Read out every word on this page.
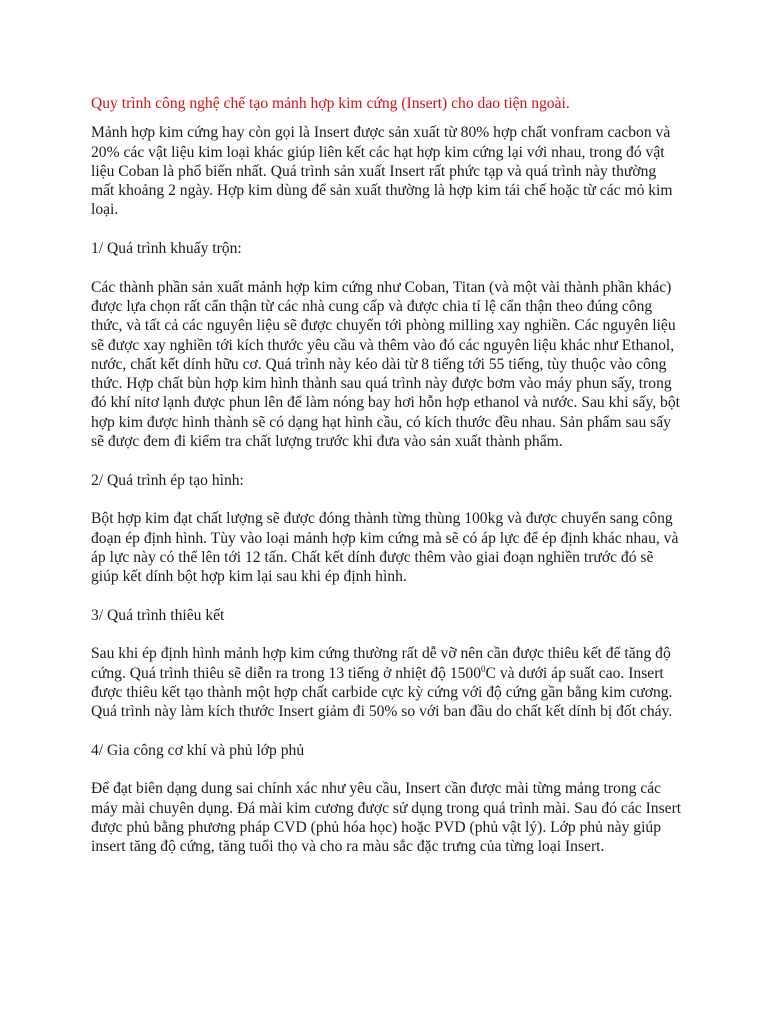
Quy trình công nghệ chế tạo mảnh hợp kim cứng (Insert) cho dao tiện ngoài.

Mảnh hợp kim cứng hay còn gọi là Insert được sản xuất từ 80% hợp chất vonfram cacbon và 20% các vật liệu kim loại khác giúp liên kết các hạt hợp kim cứng lại với nhau, trong đó vật liệu Coban là phổ biến nhất. Quá trình sản xuất Insert rất phức tạp và quá trình này thường mất khoảng 2 ngày. Hợp kim dùng để sản xuất thường là hợp kim tái chế hoặc từ các mỏ kim loại.

1/ Quá trình khuấy trộn:

Các thành phần sản xuất mảnh hợp kim cứng như Coban, Titan (và một vài thành phần khác) được lựa chọn rất cẩn thận từ các nhà cung cấp và được chia tỉ lệ cẩn thận theo đúng công thức, và tất cả các nguyên liệu sẽ được chuyển tới phòng milling xay nghiền. Các nguyên liệu sẽ được xay nghiền tới kích thước yêu cầu và thêm vào đó các nguyên liệu khác như Ethanol, nước, chất kết dính hữu cơ. Quá trình này kéo dài từ 8 tiếng tới 55 tiếng, tùy thuộc vào công thức. Hợp chất bùn hợp kim hình thành sau quá trình này được bơm vào máy phun sấy, trong đó khí nitơ lạnh được phun lên để làm nóng bay hơi hỗn hợp ethanol và nước. Sau khi sấy, bột hợp kim được hình thành sẽ có dạng hạt hình cầu, có kích thước đều nhau. Sản phẩm sau sấy sẽ được đem đi kiểm tra chất lượng trước khi đưa vào sản xuất thành phẩm.

2/ Quá trình ép tạo hình:

Bột hợp kim đạt chất lượng sẽ được đóng thành từng thùng 100kg và được chuyển sang công đoạn ép định hình. Tùy vào loại mảnh hợp kim cứng mà sẽ có áp lực để ép định khác nhau, và áp lực này có thể lên tới 12 tấn. Chất kết dính được thêm vào giai đoạn nghiền trước đó sẽ giúp kết dính bột hợp kim lại sau khi ép định hình.

3/ Quá trình thiêu kết

Sau khi ép định hình mảnh hợp kim cứng thường rất dễ vỡ nên cần được thiêu kết để tăng độ cứng. Quá trình thiêu sẽ diễn ra trong 13 tiếng ở nhiệt độ 1500$^0$C và dưới áp suất cao. Insert được thiêu kết tạo thành một hợp chất carbide cực kỳ cứng với độ cứng gần bằng kim cương. Quá trình này làm kích thước Insert giảm đi 50% so với ban đầu do chất kết dính bị đốt cháy.

4/ Gia công cơ khí và phủ lớp phủ

Để đạt biên dạng dung sai chính xác như yêu cầu, Insert cần được mài từng mảng trong các máy mài chuyên dụng. Đá mài kim cương được sử dụng trong quá trình mài. Sau đó các Insert được phủ bằng phương pháp CVD (phủ hóa học) hoặc PVD (phủ vật lý). Lớp phủ này giúp insert tăng độ cứng, tăng tuổi thọ và cho ra màu sắc đặc trưng của từng loại Insert.
